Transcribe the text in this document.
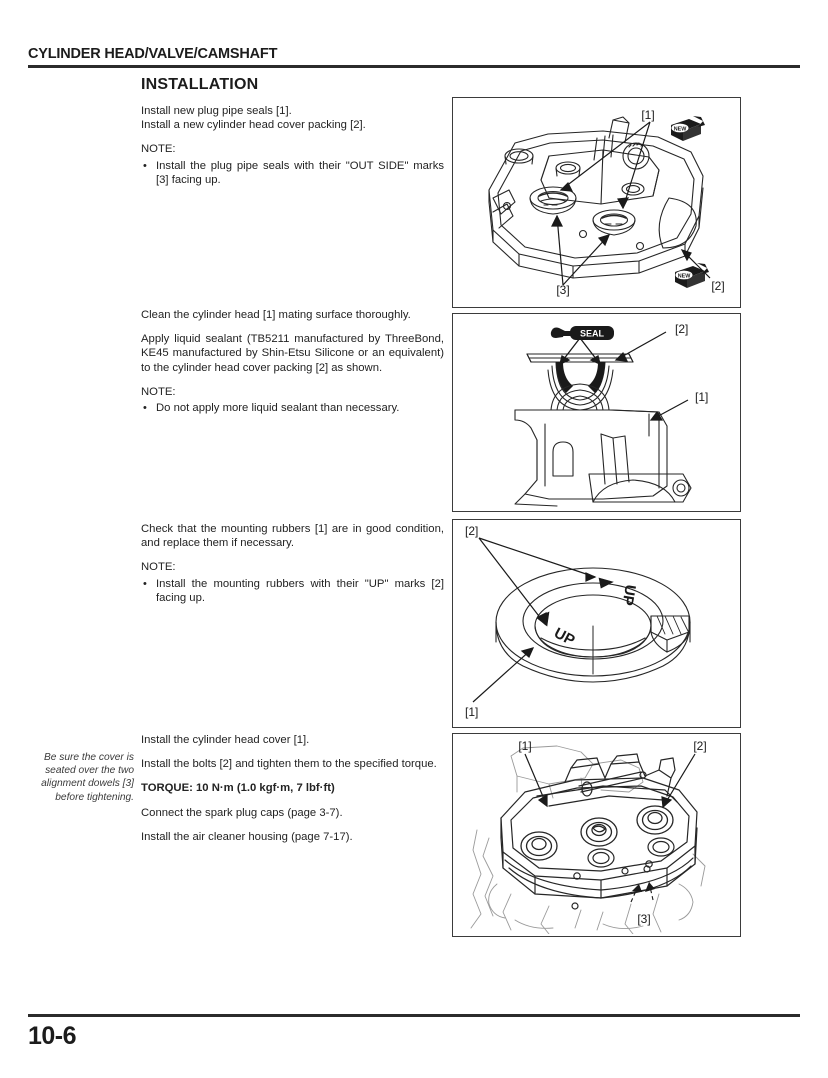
CYLINDER HEAD/VALVE/CAMSHAFT
INSTALLATION

Install new plug pipe seals [1].

Install a new cylinder head cover packing [2].

NOTE:

• Install the plug pipe seals with their "OUT SIDE" marks [3] facing up.

Clean the cylinder head [1] mating surface thoroughly.

Apply liquid sealant (TB5211 manufactured by ThreeBond, KE45 manufactured by Shin-Etsu Silicone or an equivalent) to the cylinder head cover packing [2] as shown.

NOTE:

• Do not apply more liquid sealant than necessary.

Check that the mounting rubbers [1] are in good condition, and replace them if necessary.

NOTE:

• Install the mounting rubbers with their "UP" marks [2] facing up.
Be sure the cover is seated over the two alignment dowels [3] before tightening.

Install the cylinder head cover [1].

Install the bolts [2] and tighten them to the specified torque.

TORQUE: 10 N·m (1.0 kgf·m, 7 lbf·ft)

Connect the spark plug caps (page 3-7).

Install the air cleaner housing (page 7-17).

NEW
NEW
[1]
[3]	[2]
SEAL	[2]
[1]
UP
UP
[2]
[1]
[1]	[2]
[3]
10-6
